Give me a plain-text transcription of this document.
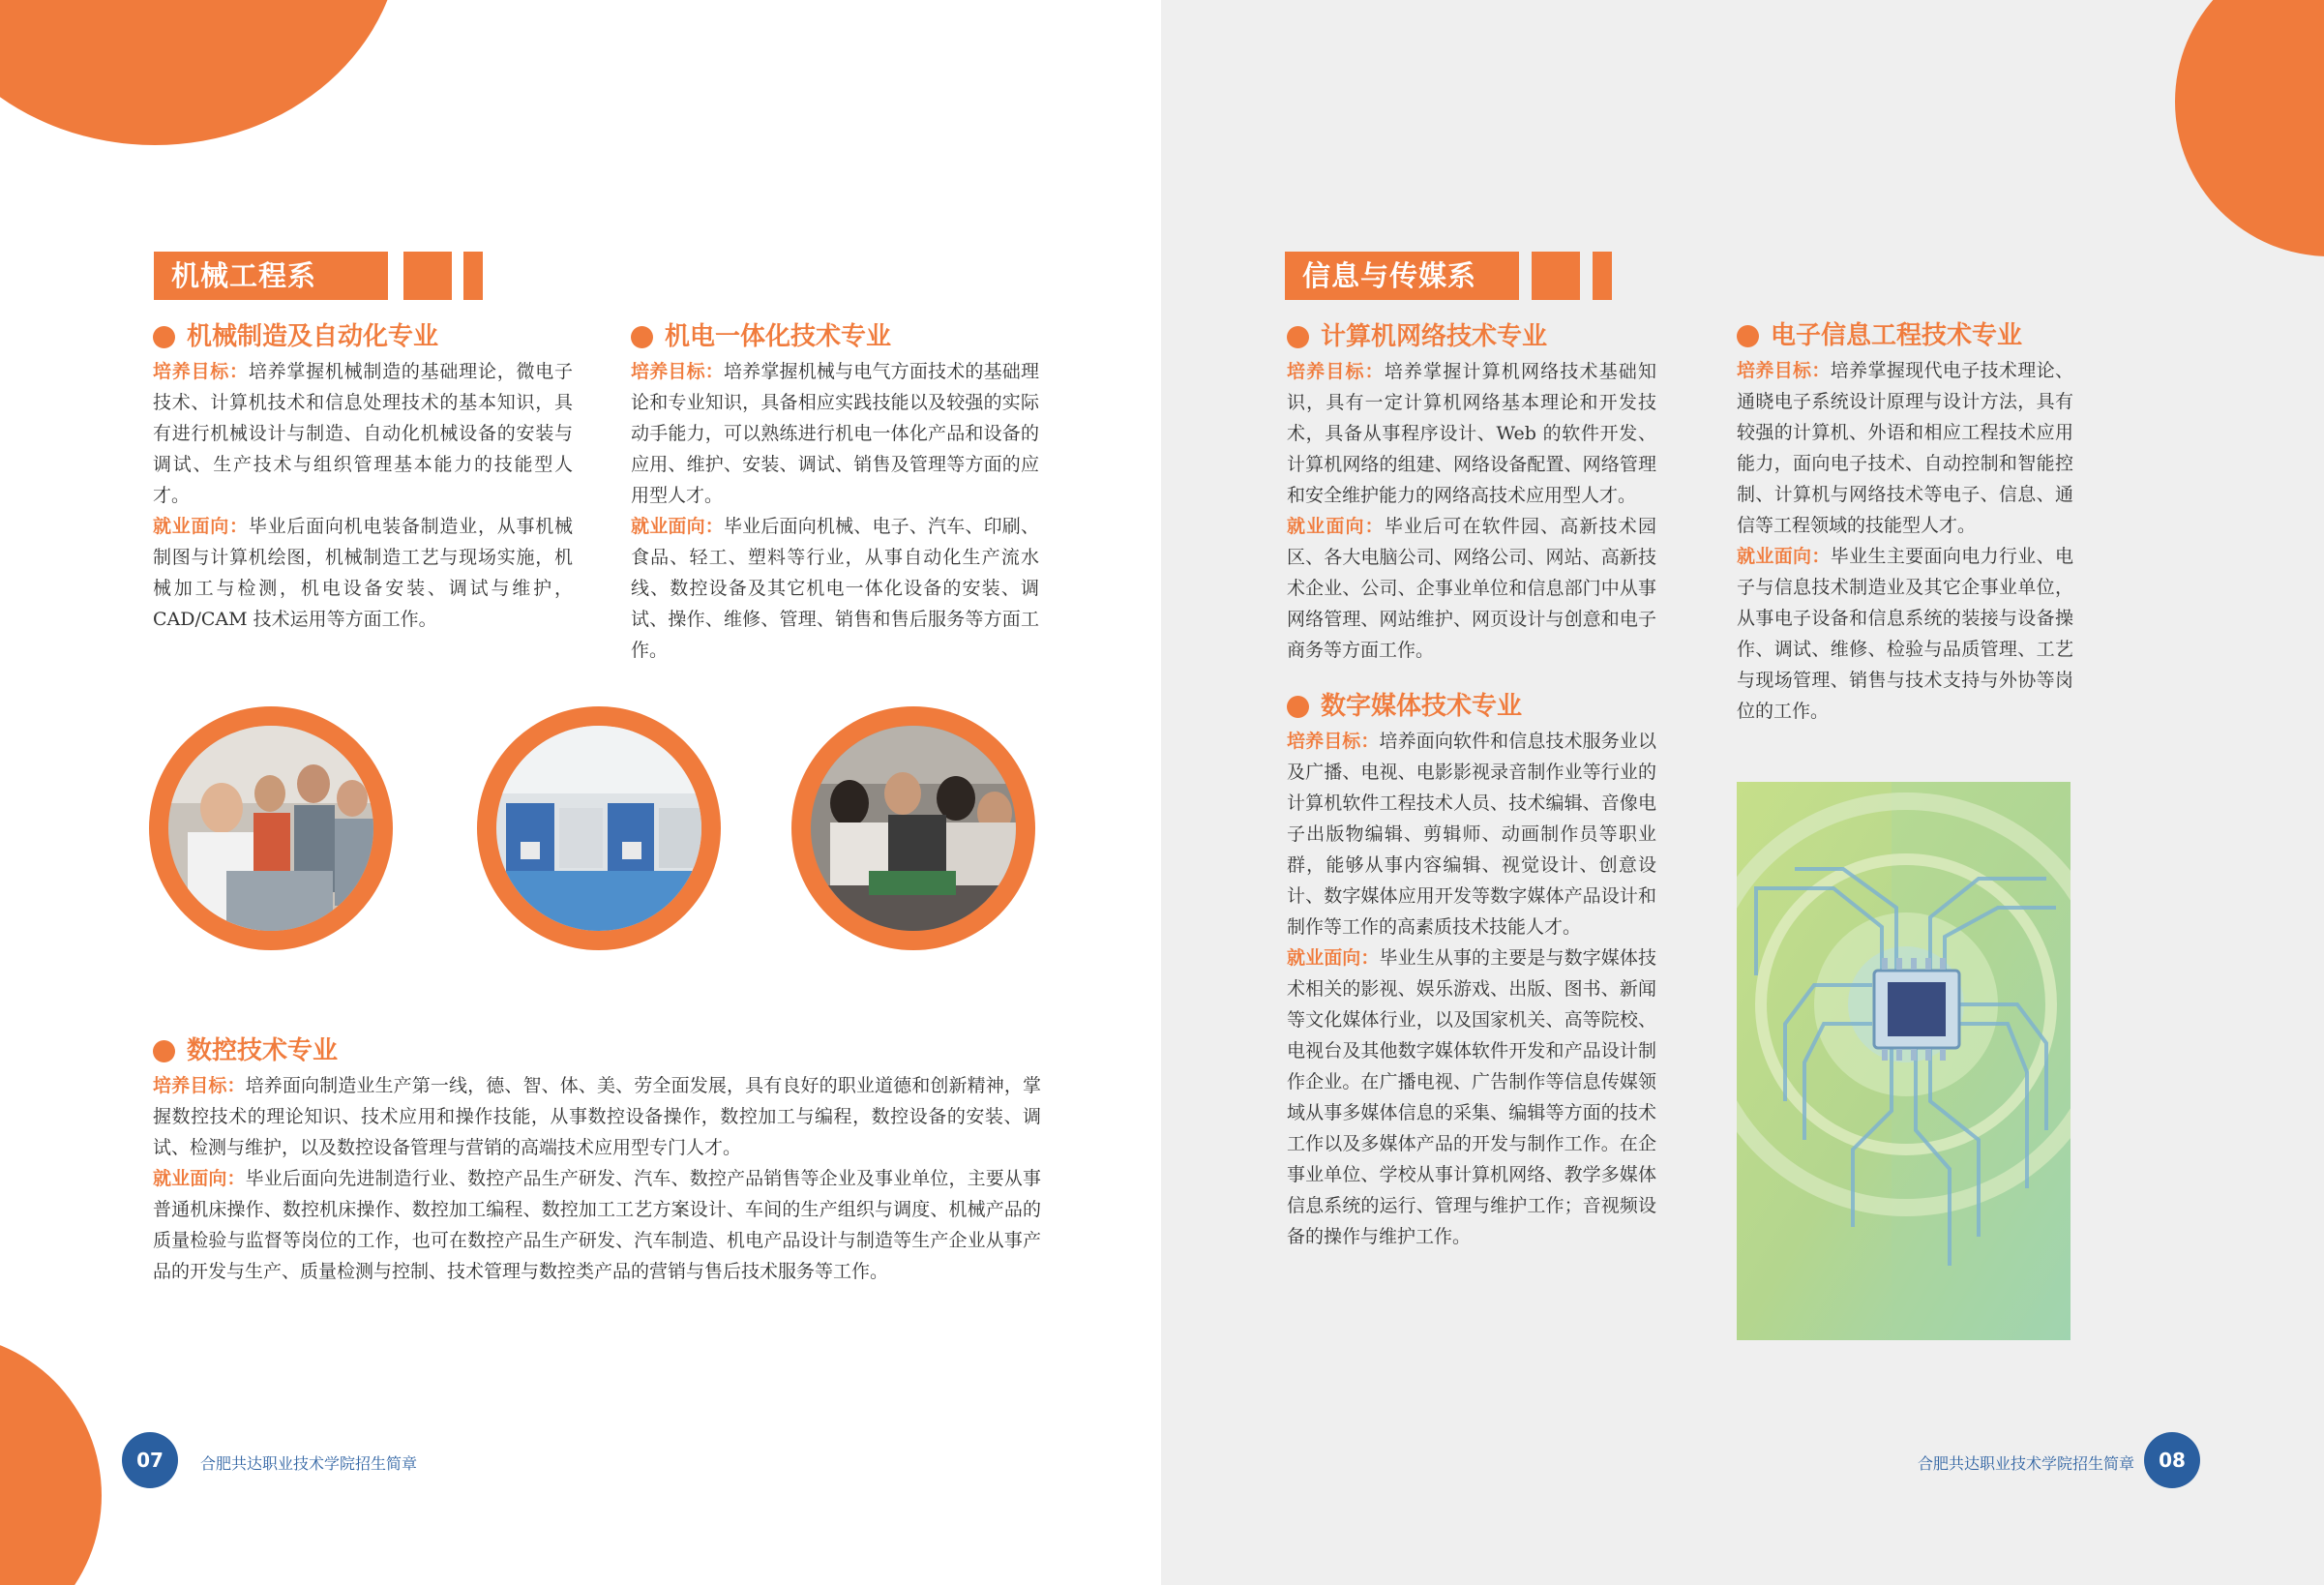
机械工程系
机械制造及自动化专业

培养目标：培养掌握机械制造的基础理论，微电子技术、计算机技术和信息处理技术的基本知识，具有进行机械设计与制造、自动化机械设备的安装与调试、生产技术与组织管理基本能力的技能型人才。

就业面向：毕业后面向机电装备制造业，从事机械制图与计算机绘图，机械制造工艺与现场实施，机械加工与检测，机电设备安装、调试与维护，CAD/CAM 技术运用等方面工作。

机电一体化技术专业

培养目标：培养掌握机械与电气方面技术的基础理论和专业知识，具备相应实践技能以及较强的实际动手能力，可以熟练进行机电一体化产品和设备的应用、维护、安装、调试、销售及管理等方面的应用型人才。

就业面向：毕业后面向机械、电子、汽车、印刷、食品、轻工、塑料等行业，从事自动化生产流水线、数控设备及其它机电一体化设备的安装、调试、操作、维修、管理、销售和售后服务等方面工作。

数控技术专业

培养目标：培养面向制造业生产第一线，德、智、体、美、劳全面发展，具有良好的职业道德和创新精神，掌握数控技术的理论知识、技术应用和操作技能，从事数控设备操作，数控加工与编程，数控设备的安装、调试、检测与维护，以及数控设备管理与营销的高端技术应用型专门人才。

就业面向：毕业后面向先进制造行业、数控产品生产研发、汽车、数控产品销售等企业及事业单位，主要从事普通机床操作、数控机床操作、数控加工编程、数控加工工艺方案设计、车间的生产组织与调度、机械产品的质量检验与监督等岗位的工作，也可在数控产品生产研发、汽车制造、机电产品设计与制造等生产企业从事产品的开发与生产、质量检测与控制、技术管理与数控类产品的营销与售后技术服务等工作。

07	合肥共达职业技术学院招生简章
信息与传媒系
计算机网络技术专业

培养目标：培养掌握计算机网络技术基础知识，具有一定计算机网络基本理论和开发技术，具备从事程序设计、Web 的软件开发、计算机网络的组建、网络设备配置、网络管理和安全维护能力的网络高技术应用型人才。

就业面向：毕业后可在软件园、高新技术园区、各大电脑公司、网络公司、网站、高新技术企业、公司、企事业单位和信息部门中从事网络管理、网站维护、网页设计与创意和电子商务等方面工作。

数字媒体技术专业

培养目标：培养面向软件和信息技术服务业以及广播、电视、电影影视录音制作业等行业的计算机软件工程技术人员、技术编辑、音像电子出版物编辑、剪辑师、动画制作员等职业群，能够从事内容编辑、视觉设计、创意设计、数字媒体应用开发等数字媒体产品设计和制作等工作的高素质技术技能人才。

就业面向：毕业生从事的主要是与数字媒体技术相关的影视、娱乐游戏、出版、图书、新闻等文化媒体行业，以及国家机关、高等院校、电视台及其他数字媒体软件开发和产品设计制作企业。在广播电视、广告制作等信息传媒领域从事多媒体信息的采集、编辑等方面的技术工作以及多媒体产品的开发与制作工作。在企事业单位、学校从事计算机网络、教学多媒体信息系统的运行、管理与维护工作；音视频设备的操作与维护工作。

电子信息工程技术专业

培养目标：培养掌握现代电子技术理论、通晓电子系统设计原理与设计方法，具有较强的计算机、外语和相应工程技术应用能力，面向电子技术、自动控制和智能控制、计算机与网络技术等电子、信息、通信等工程领域的技能型人才。

就业面向：毕业生主要面向电力行业、电子与信息技术制造业及其它企事业单位，从事电子设备和信息系统的装接与设备操作、调试、维修、检验与品质管理、工艺与现场管理、销售与技术支持与外协等岗位的工作。

08
合肥共达职业技术学院招生简章
